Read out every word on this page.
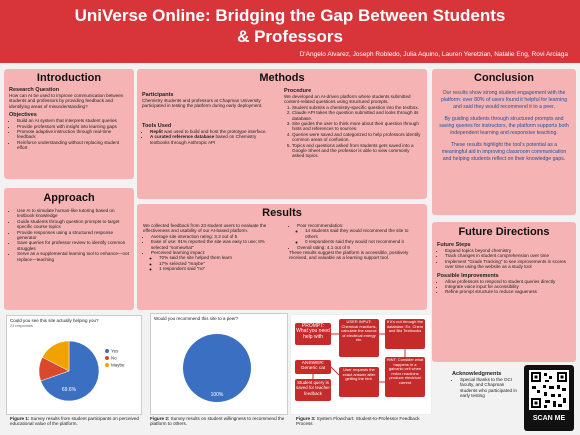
UniVerse Online: Bridging the Gap Between Students
& Professors
D'Angelo Alvarez, Joseph Robledo, Julia Aquino, Lauren Yeretzian, Natalie Eng, Rovi Arciaga
Introduction
Research Question
How can AI be used to improve communication between students and professors by providing feedback and identifying areas of misunderstanding?
Objectives
• Build an AI system that interprets student queries
• Provide professors with insight into learning gaps
• Promote adaptive instruction through real-time feedback
• Reinforce understanding without replacing student effort
Approach
• Use AI to simulate human-like tutoring based on textbook knowledge
• Guide students through question prompts to target specific course topics
• Provide responses using a structured response generator
• Save queries for professor review to identify common struggles
• Serve as a supplemental learning tool to enhance—not replace—teaching
Methods
Participants
Chemistry students and professors at Chapman University participated in testing the platform during early deployment.
Tools Used
• Replit was used to build and host the prototype interface.
• A curated reference database based on Chemistry textbooks through Anthropic API
Procedure
We developed an AI-driven platform where students submitted content-related questions using structured prompts.
1. Student submits a chemistry-specific question into the textbox.
2. Claude API takes the question submitted and looks through its database.
3. Site guides the user to think more about their question through hints and references to sources.
4. Queries were saved and categorized to help professors identify common areas of confusion.
5. Topics and questions asked from students gets saved into a Google Sheet and the professor is able to view commonly asked topics.
Results
We collected feedback from 23 student users to evaluate the effectiveness and usability of our AI-based platform.
• Average site interaction rating: 3.3 out of 5
• Ease of use: 91% reported the site was easy to use; 8% selected "somewhat"
• Perceived learning impact:
◦ 70% said the site helped them learn
◦ 17% selected "maybe"
◦ 1 respondent said "no"
• Poor recommendation:
◦ 14 students said they would recommend the site to others
◦ 0 respondents said they would not recommend it
• Overall rating: 4.1 out of 9
These results suggest the platform is accessible, positively received, and valuable as a learning support tool.
Conclusion

Our results show strong student engagement with the platform: over 80% of users found it helpful for learning and said they would recommend it to a peer.

By guiding students through structured prompts and saving queries for instructors, the platform supports both independent learning and responsive teaching.

These results highlight the tool's potential as a meaningful aid in improving classroom communication and helping students reflect on their knowledge gaps.

Future Directions
Future Steps
• Expand topics beyond chemistry
• Track changes in student comprehension over time
• Implement "Grade Tracking" to see improvements in scores over time using the website as a study tool
Possible Improvements
• Allow professors to respond to student queries directly
• Integrate voice input for accessibility
• Refine prompt structure to reduce vagueness
Acknowledgments
• Special thanks to the OCI faculty, and Chapman students who participated in early testing
SCAN ME
Could you see this site actually helping you?
23 responses
69.6%
Yes
No
Maybe
Figure 1: Survey results from student participants on perceived educational value of the platform.
Would you recommend this site to a peer?
100%
Figure 2: Survey results on student willingness to recommend the platform to others.
PROMPT: What you need help with
ANSWER: Generic cat
Student query is saved for teacher feedback
USER INPUT: Chemical reactions, calculate the source of electrical energy etc.
User requests the exact answer after getting the hint.
If it's not through the database: Ex. Chem and Bio Textbooks
HINT: Consider what happens in a galvanic cell when redox reactions produce electrical current
Figure 3: System Flowchart: Student-to-Professor Feedback Process
